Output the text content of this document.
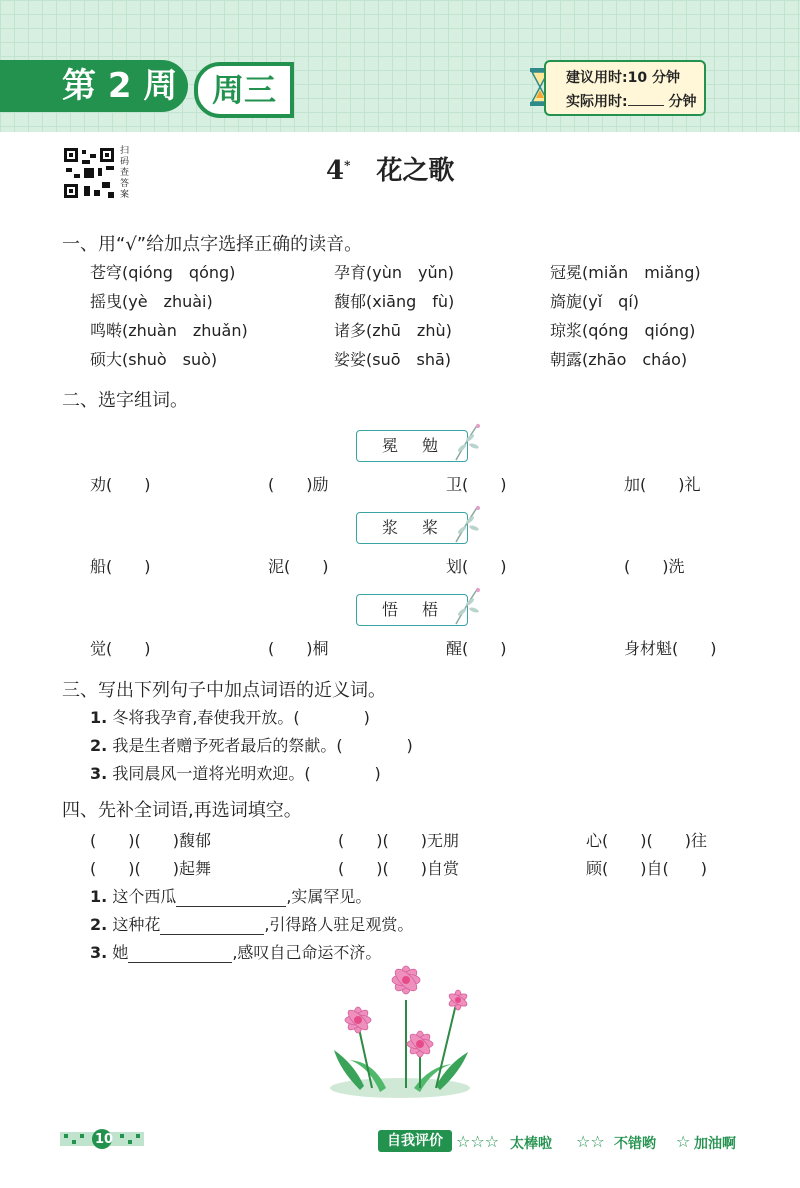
第 2 周	周三	建议用时:10 分钟
实际用时:	分钟
扫码查答案
4*　 花之歌
一、用“√”给加点字选择正确的读音。
苍穹(qióng　qóng)	孕育(yùn　yǔn)	冠冕(miǎn　miǎng)
摇曳(yè　zhuài)	馥郁(xiāng　fù)	旖旎(yǐ　qí)
鸣啭(zhuàn　zhuǎn)	诸多(zhū　zhù)	琼浆(qóng　qióng)
硕大(shuò　suò)	娑娑(suō　shā)	朝露(zhāo　cháo)
二、选字组词。
冕　勉
劝(　　)	(　　)励	卫(　　)	加(　　)礼
浆　桨
船(　　)	泥(　　)	划(　　)	(　　)洗
悟　梧
觉(　　)	(　　)桐	醒(　　)	身材魁(　　)
三、写出下列句子中加点词语的近义词。
1. 冬将我孕育,春使我开放。(　　　　)
2. 我是生者赠予死者最后的祭献。(　　　　)
3. 我同晨风一道将光明欢迎。(　　　　)
四、先补全词语,再选词填空。
(　　)(　　)馥郁	(　　)(　　)无朋	心(　　)(　　)往
(　　)(　　)起舞	(　　)(　　)自赏	顾(　　)自(　　)
1. 这个西瓜	,实属罕见。
2. 这种花	,引得路人驻足观赏。
3. 她	,感叹自己命运不济。
10	自我评价 ☆☆☆ 太棒啦 ☆☆ 不错哟 ☆ 加油啊
